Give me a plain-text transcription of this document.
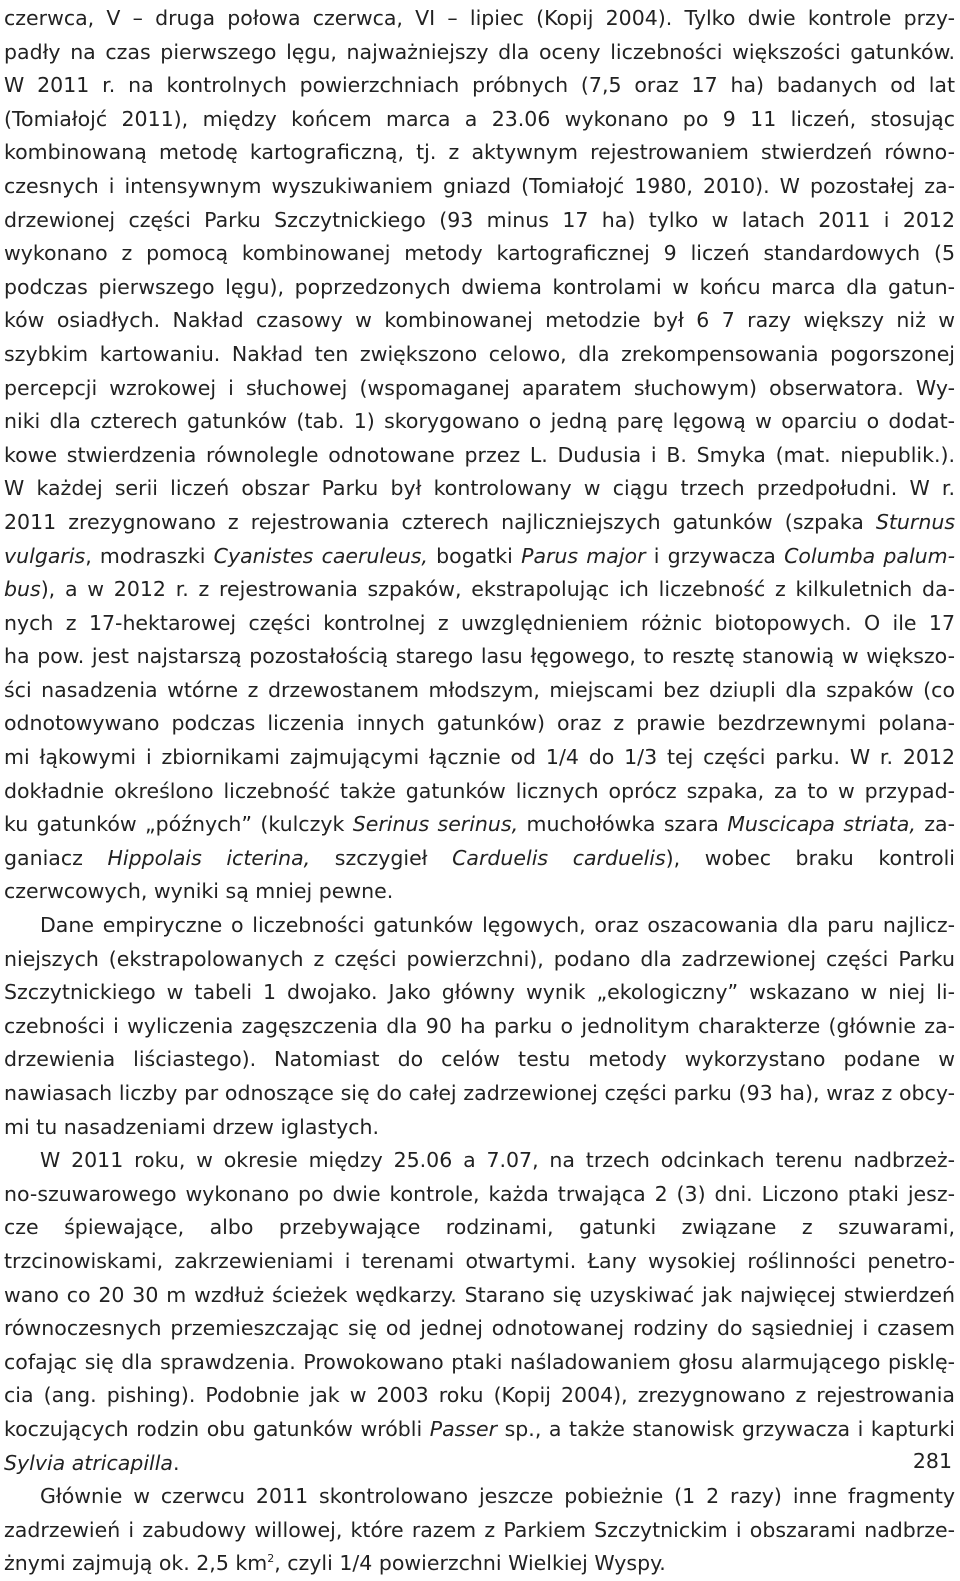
czerwca, V – druga połowa czerwca, VI – lipiec (Kopij 2004). Tylko dwie kontrole przy-
padły na czas pierwszego lęgu, najważniejszy dla oceny liczebności większości gatunków.
W 2011 r. na kontrolnych powierzchniach próbnych (7,5 oraz 17 ha) badanych od lat
(Tomiałojć 2011), między końcem marca a 23.06 wykonano po 9 11 liczeń, stosując
kombinowaną metodę kartograficzną, tj. z aktywnym rejestrowaniem stwierdzeń równo-
czesnych i intensywnym wyszukiwaniem gniazd (Tomiałojć 1980, 2010). W pozostałej za-
drzewionej części Parku Szczytnickiego (93 minus 17 ha) tylko w latach 2011 i 2012
wykonano z pomocą kombinowanej metody kartograficznej 9 liczeń standardowych (5
podczas pierwszego lęgu), poprzedzonych dwiema kontrolami w końcu marca dla gatun-
ków osiadłych. Nakład czasowy w kombinowanej metodzie był 6 7 razy większy niż w
szybkim kartowaniu. Nakład ten zwiększono celowo, dla zrekompensowania pogorszonej
percepcji wzrokowej i słuchowej (wspomaganej aparatem słuchowym) obserwatora. Wy-
niki dla czterech gatunków (tab. 1) skorygowano o jedną parę lęgową w oparciu o dodat-
kowe stwierdzenia równolegle odnotowane przez L. Dudusia i B. Smyka (mat. niepublik.).
W każdej serii liczeń obszar Parku był kontrolowany w ciągu trzech przedpołudni. W r.
2011 zrezygnowano z rejestrowania czterech najliczniejszych gatunków (szpaka Sturnus
vulgaris, modraszki Cyanistes caeruleus, bogatki Parus major i grzywacza Columba palum-
bus), a w 2012 r. z rejestrowania szpaków, ekstrapolując ich liczebność z kilkuletnich da-
nych z 17-hektarowej części kontrolnej z uwzględnieniem różnic biotopowych. O ile 17
ha pow. jest najstarszą pozostałością starego lasu łęgowego, to resztę stanowią w większo-
ści nasadzenia wtórne z drzewostanem młodszym, miejscami bez dziupli dla szpaków (co
odnotowywano podczas liczenia innych gatunków) oraz z prawie bezdrzewnymi polana-
mi łąkowymi i zbiornikami zajmującymi łącznie od 1/4 do 1/3 tej części parku. W r. 2012
dokładnie określono liczebność także gatunków licznych oprócz szpaka, za to w przypad-
ku gatunków „późnych” (kulczyk Serinus serinus, muchołówka szara Muscicapa striata, za-
ganiacz Hippolais icterina, szczygieł Carduelis carduelis), wobec braku kontroli
czerwcowych, wyniki są mniej pewne.
Dane empiryczne o liczebności gatunków lęgowych, oraz oszacowania dla paru najlicz-
niejszych (ekstrapolowanych z części powierzchni), podano dla zadrzewionej części Parku
Szczytnickiego w tabeli 1 dwojako. Jako główny wynik „ekologiczny” wskazano w niej li-
czebności i wyliczenia zagęszczenia dla 90 ha parku o jednolitym charakterze (głównie za-
drzewienia liściastego). Natomiast do celów testu metody wykorzystano podane w
nawiasach liczby par odnoszące się do całej zadrzewionej części parku (93 ha), wraz z obcy-
mi tu nasadzeniami drzew iglastych.
W 2011 roku, w okresie między 25.06 a 7.07, na trzech odcinkach terenu nadbrzeż-
no-szuwarowego wykonano po dwie kontrole, każda trwająca 2 (3) dni. Liczono ptaki jesz-
cze śpiewające, albo przebywające rodzinami, gatunki związane z szuwarami,
trzcinowiskami, zakrzewieniami i terenami otwartymi. Łany wysokiej roślinności penetro-
wano co 20 30 m wzdłuż ścieżek wędkarzy. Starano się uzyskiwać jak najwięcej stwierdzeń
równoczesnych przemieszczając się od jednej odnotowanej rodziny do sąsiedniej i czasem
cofając się dla sprawdzenia. Prowokowano ptaki naśladowaniem głosu alarmującego pisklę-
cia (ang. pishing). Podobnie jak w 2003 roku (Kopij 2004), zrezygnowano z rejestrowania
koczujących rodzin obu gatunków wróbli Passer sp., a także stanowisk grzywacza i kapturki
Sylvia atricapilla.
Głównie w czerwcu 2011 skontrolowano jeszcze pobieżnie (1 2 razy) inne fragmenty
zadrzewień i zabudowy willowej, które razem z Parkiem Szczytnickim i obszarami nadbrze-
żnymi zajmują ok. 2,5 $km^2$, czyli 1/4 powierzchni Wielkiej Wyspy.
281
